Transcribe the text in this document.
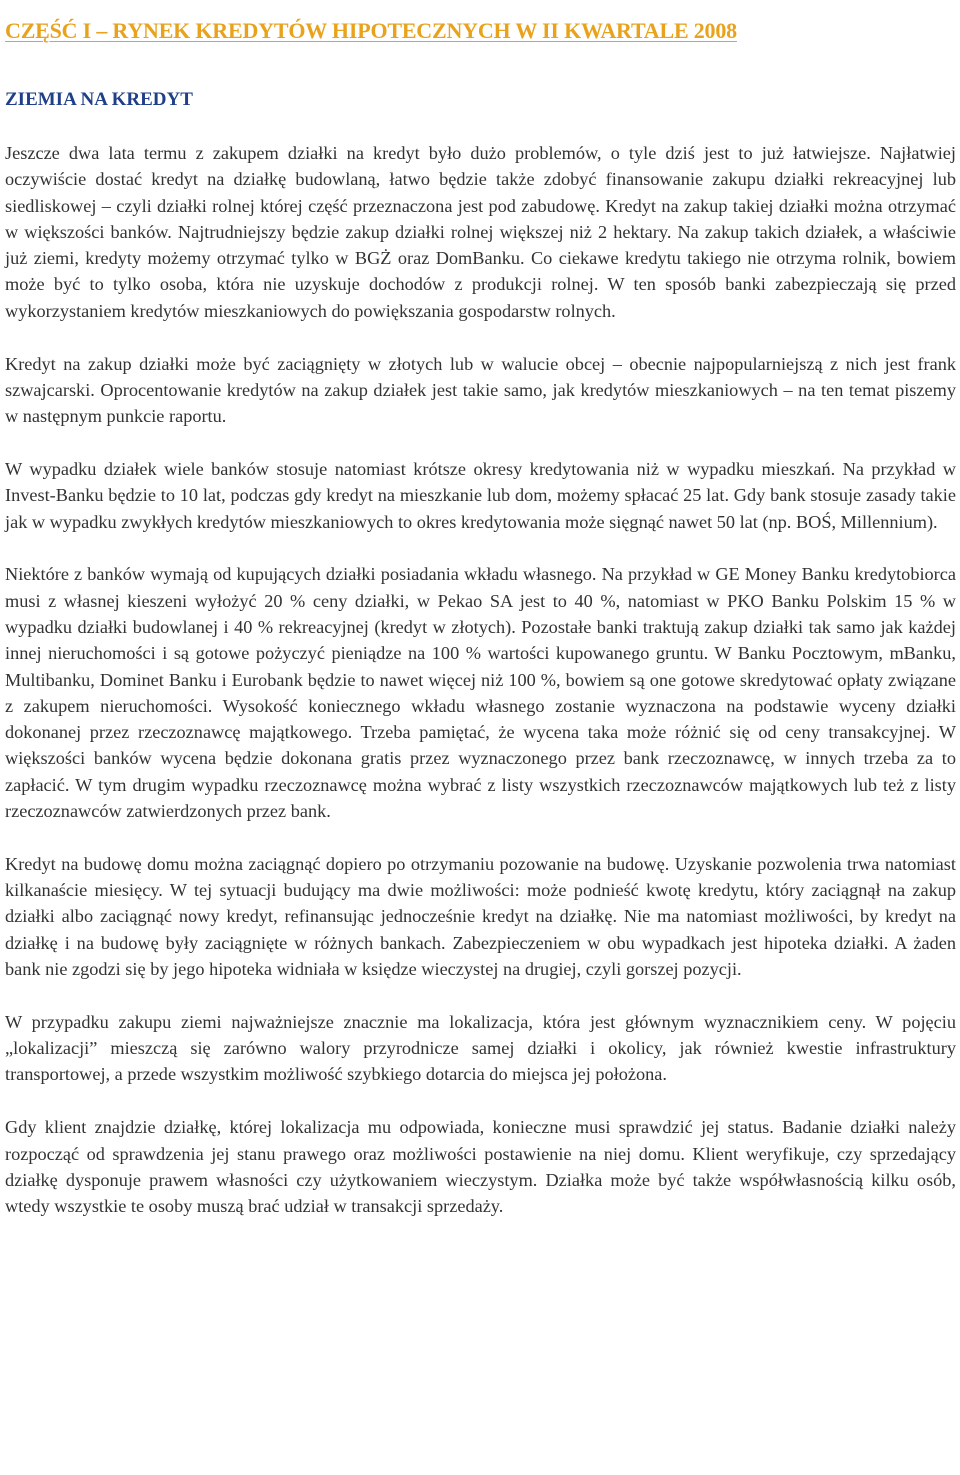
CZĘŚĆ I – RYNEK KREDYTÓW HIPOTECZNYCH W II KWARTALE 2008
ZIEMIA NA KREDYT

Jeszcze dwa lata termu z zakupem działki na kredyt było dużo problemów, o tyle dziś jest to już łatwiejsze. Najłatwiej oczywiście dostać kredyt na działkę budowlaną, łatwo będzie także zdobyć finansowanie zakupu działki rekreacyjnej lub siedliskowej – czyli działki rolnej której część przeznaczona jest pod zabudowę. Kredyt na zakup takiej działki można otrzymać w większości banków. Najtrudniejszy będzie zakup działki rolnej większej niż 2 hektary. Na zakup takich działek, a właściwie już ziemi, kredyty możemy otrzymać tylko w BGŻ oraz DomBanku. Co ciekawe kredytu takiego nie otrzyma rolnik, bowiem może być to tylko osoba, która nie uzyskuje dochodów z produkcji rolnej. W ten sposób banki zabezpieczają się przed wykorzystaniem kredytów mieszkaniowych do powiększania gospodarstw rolnych.

Kredyt na zakup działki może być zaciągnięty w złotych lub w walucie obcej – obecnie najpopularniejszą z nich jest frank szwajcarski. Oprocentowanie kredytów na zakup działek jest takie samo, jak kredytów mieszkaniowych – na ten temat piszemy w następnym punkcie raportu.

W wypadku działek wiele banków stosuje natomiast krótsze okresy kredytowania niż w wypadku mieszkań. Na przykład w Invest-Banku będzie to 10 lat, podczas gdy kredyt na mieszkanie lub dom, możemy spłacać 25 lat. Gdy bank stosuje zasady takie jak w wypadku zwykłych kredytów mieszkaniowych to okres kredytowania może sięgnąć nawet 50 lat (np. BOŚ, Millennium).

Niektóre z banków wymają od kupujących działki posiadania wkładu własnego. Na przykład w GE Money Banku kredytobiorca musi z własnej kieszeni wyłożyć 20 % ceny działki, w Pekao SA jest to 40 %, natomiast w PKO Banku Polskim 15 % w wypadku działki budowlanej i 40 % rekreacyjnej (kredyt w złotych). Pozostałe banki traktują zakup działki tak samo jak każdej innej nieruchomości i są gotowe pożyczyć pieniądze na 100 % wartości kupowanego gruntu. W Banku Pocztowym, mBanku, Multibanku, Dominet Banku i Eurobank będzie to nawet więcej niż 100 %, bowiem są one gotowe skredytować opłaty związane z zakupem nieruchomości. Wysokość koniecznego wkładu własnego zostanie wyznaczona na podstawie wyceny działki dokonanej przez rzeczoznawcę majątkowego. Trzeba pamiętać, że wycena taka może różnić się od ceny transakcyjnej. W większości banków wycena będzie dokonana gratis przez wyznaczonego przez bank rzeczoznawcę, w innych trzeba za to zapłacić. W tym drugim wypadku rzeczoznawcę można wybrać z listy wszystkich rzeczoznawców majątkowych lub też z listy rzeczoznawców zatwierdzonych przez bank.

Kredyt na budowę domu można zaciągnąć dopiero po otrzymaniu pozowanie na budowę. Uzyskanie pozwolenia trwa natomiast kilkanaście miesięcy. W tej sytuacji budujący ma dwie możliwości: może podnieść kwotę kredytu, który zaciągnął na zakup działki albo zaciągnąć nowy kredyt, refinansując jednocześnie kredyt na działkę. Nie ma natomiast możliwości, by kredyt na działkę i na budowę były zaciągnięte w różnych bankach. Zabezpieczeniem w obu wypadkach jest hipoteka działki. A żaden bank nie zgodzi się by jego hipoteka widniała w księdze wieczystej na drugiej, czyli gorszej pozycji.

W przypadku zakupu ziemi najważniejsze znacznie ma lokalizacja, która jest głównym wyznacznikiem ceny. W pojęciu „lokalizacji” mieszczą się zarówno walory przyrodnicze samej działki i okolicy, jak również kwestie infrastruktury transportowej, a przede wszystkim możliwość szybkiego dotarcia do miejsca jej położona.

Gdy klient znajdzie działkę, której lokalizacja mu odpowiada, konieczne musi sprawdzić jej status. Badanie działki należy rozpocząć od sprawdzenia jej stanu prawego oraz możliwości postawienie na niej domu. Klient weryfikuje, czy sprzedający działkę dysponuje prawem własności czy użytkowaniem wieczystym. Działka może być także współwłasnością kilku osób, wtedy wszystkie te osoby muszą brać udział w transakcji sprzedaży.
